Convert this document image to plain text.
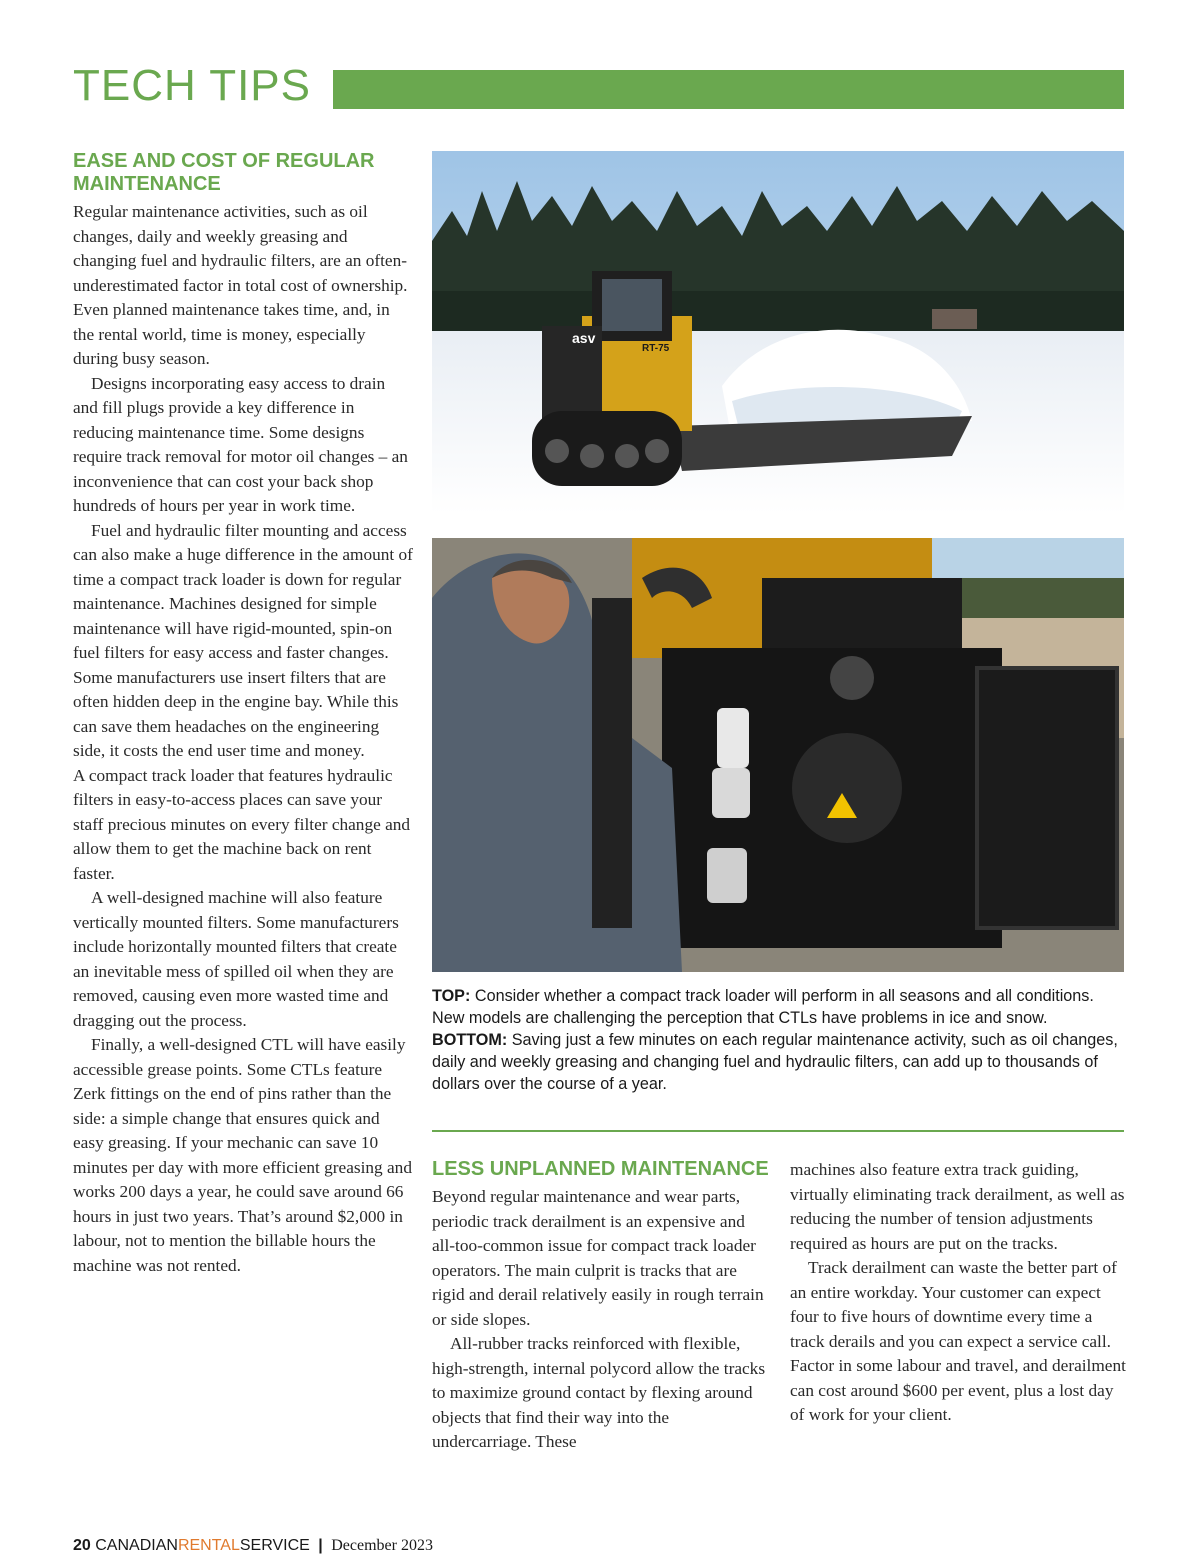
TECH TIPS
EASE AND COST OF REGULAR MAINTENANCE

Regular maintenance activities, such as oil changes, daily and weekly greasing and changing fuel and hydraulic filters, are an often-underestimated factor in total cost of ownership. Even planned maintenance takes time, and, in the rental world, time is money, especially during busy season.

Designs incorporating easy access to drain and fill plugs provide a key difference in reducing maintenance time. Some designs require track removal for motor oil changes – an inconvenience that can cost your back shop hundreds of hours per year in work time.

Fuel and hydraulic filter mounting and access can also make a huge difference in the amount of time a compact track loader is down for regular maintenance. Machines designed for simple maintenance will have rigid-mounted, spin-on fuel filters for easy access and faster changes. Some manufacturers use insert filters that are often hidden deep in the engine bay. While this can save them headaches on the engineering side, it costs the end user time and money.

A compact track loader that features hydraulic filters in easy-to-access places can save your staff precious minutes on every filter change and allow them to get the machine back on rent faster.

A well-designed machine will also feature vertically mounted filters. Some manufacturers include horizontally mounted filters that create an inevitable mess of spilled oil when they are removed, causing even more wasted time and dragging out the process.

Finally, a well-designed CTL will have easily accessible grease points. Some CTLs feature Zerk fittings on the end of pins rather than the side: a simple change that ensures quick and easy greasing. If your mechanic can save 10 minutes per day with more efficient greasing and works 200 days a year, he could save around 66 hours in just two years. That’s around $2,000 in labour, not to mention the billable hours the machine was not rented.

asv
RT-75

TOP: Consider whether a compact track loader will perform in all seasons and all conditions. New models are challenging the perception that CTLs have problems in ice and snow.

BOTTOM: Saving just a few minutes on each regular maintenance activity, such as oil changes, daily and weekly greasing and changing fuel and hydraulic filters, can add up to thousands of dollars over the course of a year.

LESS UNPLANNED MAINTENANCE

Beyond regular maintenance and wear parts, periodic track derailment is an expensive and all-too-common issue for compact track loader operators. The main culprit is tracks that are rigid and derail relatively easily in rough terrain or side slopes.

All-rubber tracks reinforced with flexible, high-strength, internal polycord allow the tracks to maximize ground contact by flexing around objects that find their way into the undercarriage. These

machines also feature extra track guiding, virtually eliminating track derailment, as well as reducing the number of tension adjustments required as hours are put on the tracks.

Track derailment can waste the better part of an entire workday. Your customer can expect four to five hours of downtime every time a track derails and you can expect a service call. Factor in some labour and travel, and derailment can cost around $600 per event, plus a lost day of work for your client.

20 CANADIANRENTALSERVICE | December 2023
